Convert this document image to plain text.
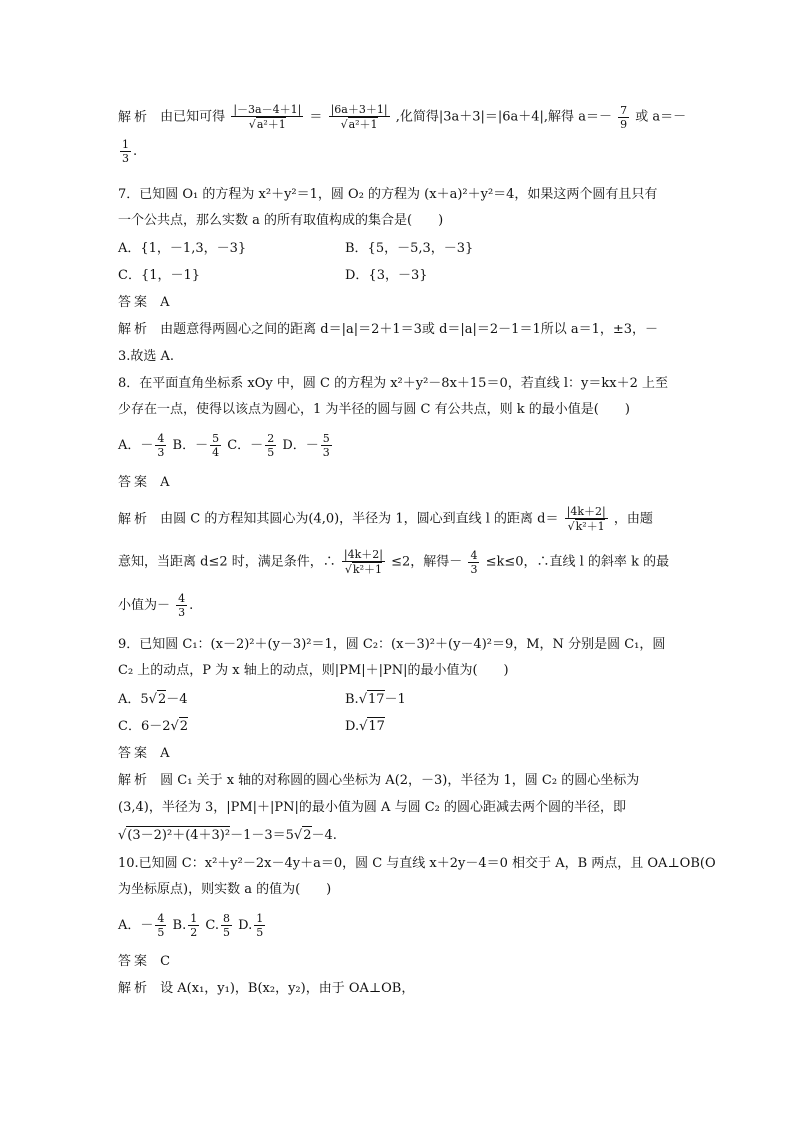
解析 由已知可得 $\frac{|-3a-4+1|}{\text{√a²＋1}} = \frac{|6a+3+1|}{\text{√a²＋1}}$ ,化简得|3a＋3|＝|6a＋4|,解得 $a=- \frac{7}{9}$ 或 a＝－
$\frac{1}{3}$ .
7．已知圆 O₁ 的方程为 x²＋y²＝1，圆 O₂ 的方程为 (x＋a)²＋y²＝4，如果这两个圆有且只有
一个公共点，那么实数 a 的所有取值构成的集合是(　　)
A．{1，－1,3，－3}	B．{5，－5,3，－3}
C．{1，－1}	D．{3，－3}
答案 A
解析 由题意得两圆心之间的距离 d＝|a|＝2＋1＝3或 d＝|a|＝2－1＝1所以 a＝1，±3，－
3.故选 A.
8．在平面直角坐标系 xOy 中，圆 C 的方程为 x²＋y²－8x＋15＝0，若直线 l：y＝kx＋2 上至
少存在一点，使得以该点为圆心，1 为半径的圆与圆 C 有公共点，则 k 的最小值是(　　)
A．－ $\frac{4}{3}$ B．－ $\frac{5}{4}$ C．－ $\frac{2}{5}$ D．－ $\frac{5}{3}$
答案 A
解析 由圆 C 的方程知其圆心为(4,0)，半径为 1，圆心到直线 l 的距离 $d= \frac{|4k+2|}{\text{√k²＋1}}$ ，由题
意知，当距离 d≤2 时，满足条件，∴ $\frac{|4k+2|}{\text{√k²＋1}} \le 2$，解得－ $\frac{4}{3} \le k\le 0$，∴直线 l 的斜率 k 的最
小值为－ $\frac{4}{3}$ .
9．已知圆 C₁：(x－2)²＋(y－3)²＝1，圆 C₂：(x－3)²＋(y－4)²＝9，M，N 分别是圆 C₁，圆
C₂ 上的动点，P 为 x 轴上的动点，则|PM|＋|PN|的最小值为(　　)
A．5√2－4	B.√17－1
C．6－2√2	D.√17
答案 A
解析 圆 C₁ 关于 x 轴的对称圆的圆心坐标为 A(2，－3)，半径为 1，圆 C₂ 的圆心坐标为
(3,4)，半径为 3，|PM|＋|PN|的最小值为圆 A 与圆 C₂ 的圆心距减去两个圆的半径，即
√(3－2)²＋(4＋3)²－1－3＝5√2－4.
10.已知圆 C：x²＋y²－2x－4y＋a＝0，圆 C 与直线 x＋2y－4＝0 相交于 A，B 两点，且 OA⊥OB(O
为坐标原点)，则实数 a 的值为(　　)
A．－ $\frac{4}{5} B$. $\frac{1}{2} C$. $\frac{8}{5} D$. $\frac{1}{5}$
答案 C
解析 设 A(x₁，y₁)，B(x₂，y₂)，由于 OA⊥OB，
